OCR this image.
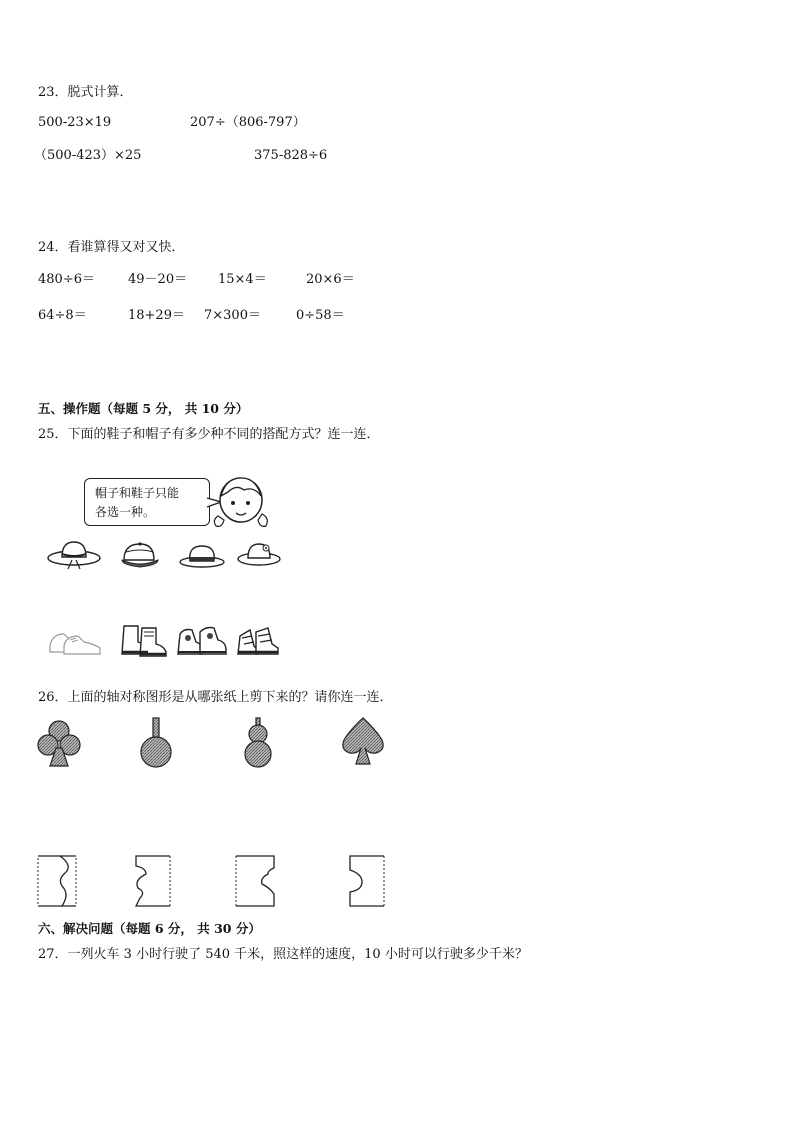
23．脱式计算．
500-23×19	207÷（806-797）
（500-423）×25	375-828÷6
24．看谁算得又对又快．
480÷6＝	49－20＝ 15×4＝	20×6＝
64÷8＝	18+29＝ 7×300＝	0÷58＝
五、操作题（每题 5 分， 共 10 分）
25．下面的鞋子和帽子有多少种不同的搭配方式？连一连．
帽子和鞋子只能
各选一种。
26．上面的轴对称图形是从哪张纸上剪下来的？请你连一连．
六、解决问题（每题 6 分， 共 30 分）
27．一列火车 3 小时行驶了 540 千米，照这样的速度，10 小时可以行驶多少千米？
